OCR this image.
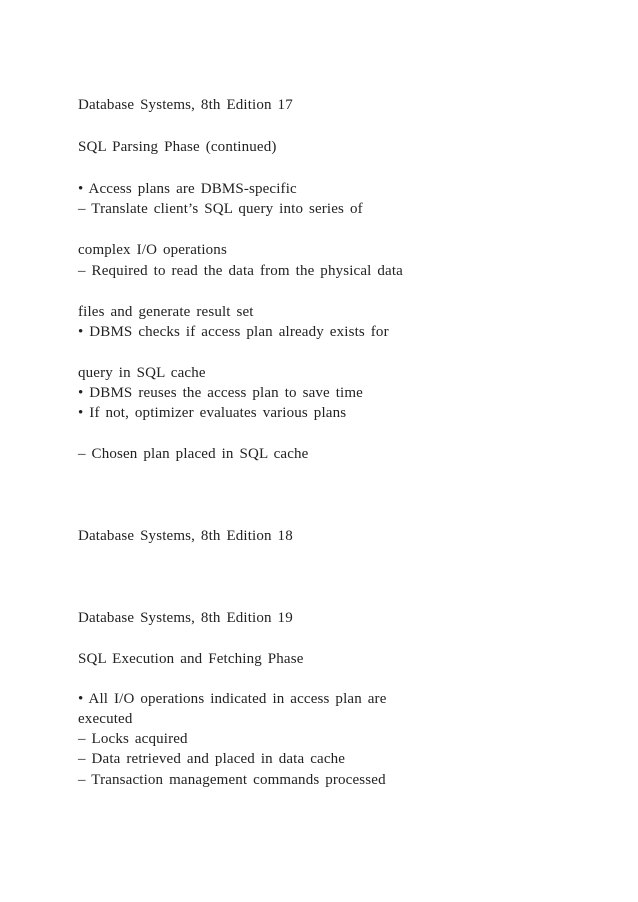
Database Systems, 8th Edition 17

SQL Parsing Phase (continued)

• Access plans are DBMS-specific

– Translate client’s SQL query into series of

complex I/O operations

– Required to read the data from the physical data

files and generate result set

• DBMS checks if access plan already exists for

query in SQL cache

• DBMS reuses the access plan to save time

• If not, optimizer evaluates various plans

– Chosen plan placed in SQL cache

Database Systems, 8th Edition 18

Database Systems, 8th Edition 19

SQL Execution and Fetching Phase

• All I/O operations indicated in access plan are

executed

– Locks acquired

– Data retrieved and placed in data cache

– Transaction management commands processed
